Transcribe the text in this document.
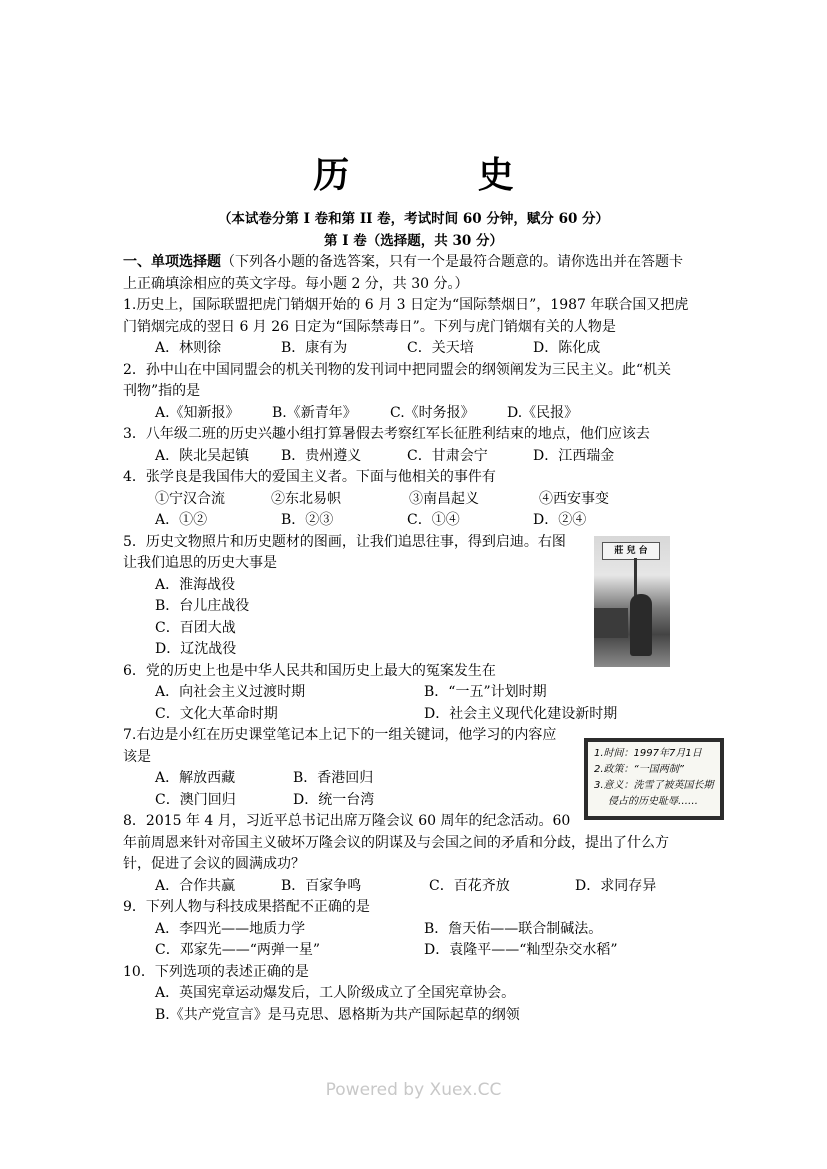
历 史
（本试卷分第 I 卷和第 II 卷，考试时间 60 分钟，赋分 60 分）
第 I 卷（选择题，共 30 分）
一、单项选择题（下列各小题的备选答案，只有一个是最符合题意的。请你选出并在答题卡
上正确填涂相应的英文字母。每小题 2 分，共 30 分。）
1.历史上，国际联盟把虎门销烟开始的 6 月 3 日定为“国际禁烟日”，1987 年联合国又把虎
门销烟完成的翌日 6 月 26 日定为“国际禁毒日”。下列与虎门销烟有关的人物是
A．林则徐	B．康有为	C．关天培	D．陈化成
2．孙中山在中国同盟会的机关刊物的发刊词中把同盟会的纲领阐发为三民主义。此“机关
刊物”指的是
A.《知新报》	B.《新青年》	C.《时务报》	D.《民报》
3．八年级二班的历史兴趣小组打算暑假去考察红军长征胜利结束的地点，他们应该去
A．陕北吴起镇	B．贵州遵义	C．甘肃会宁	D．江西瑞金
4．张学良是我国伟大的爱国主义者。下面与他相关的事件有
①宁汉合流	②东北易帜	③南昌起义	④西安事变
A．①②	B．②③	C．①④	D．②④
5．历史文物照片和历史题材的图画，让我们追思往事，得到启迪。右图
让我们追思的历史大事是
A．淮海战役
B．台儿庄战役
C．百团大战
D．辽沈战役
6．党的历史上也是中华人民共和国历史上最大的冤案发生在
A．向社会主义过渡时期	B．“一五”计划时期
C．文化大革命时期	D．社会主义现代化建设新时期
7.右边是小红在历史课堂笔记本上记下的一组关键词，他学习的内容应
该是
A．解放西藏	B．香港回归
C．澳门回归	D．统一台湾
8．2015 年 4 月，习近平总书记出席万隆会议 60 周年的纪念活动。60
年前周恩来针对帝国主义破坏万隆会议的阴谋及与会国之间的矛盾和分歧，提出了什么方
针，促进了会议的圆满成功？
A．合作共赢	B．百家争鸣	C．百花齐放	D．求同存异
9．下列人物与科技成果搭配不正确的是
A．李四光——地质力学	B．詹天佑——联合制碱法。
C．邓家先——“两弹一星”	D．袁隆平——“籼型杂交水稻”
10．下列选项的表述正确的是
A．英国宪章运动爆发后，工人阶级成立了全国宪章协会。
B.《共产党宣言》是马克思、恩格斯为共产国际起草的纲领
莊 兒 台
1.时间：1997年7月1日
2.政策：“一国两制”
3.意义：洗雪了被英国长期
侵占的历史耻辱……
Powered by Xuex.CC
